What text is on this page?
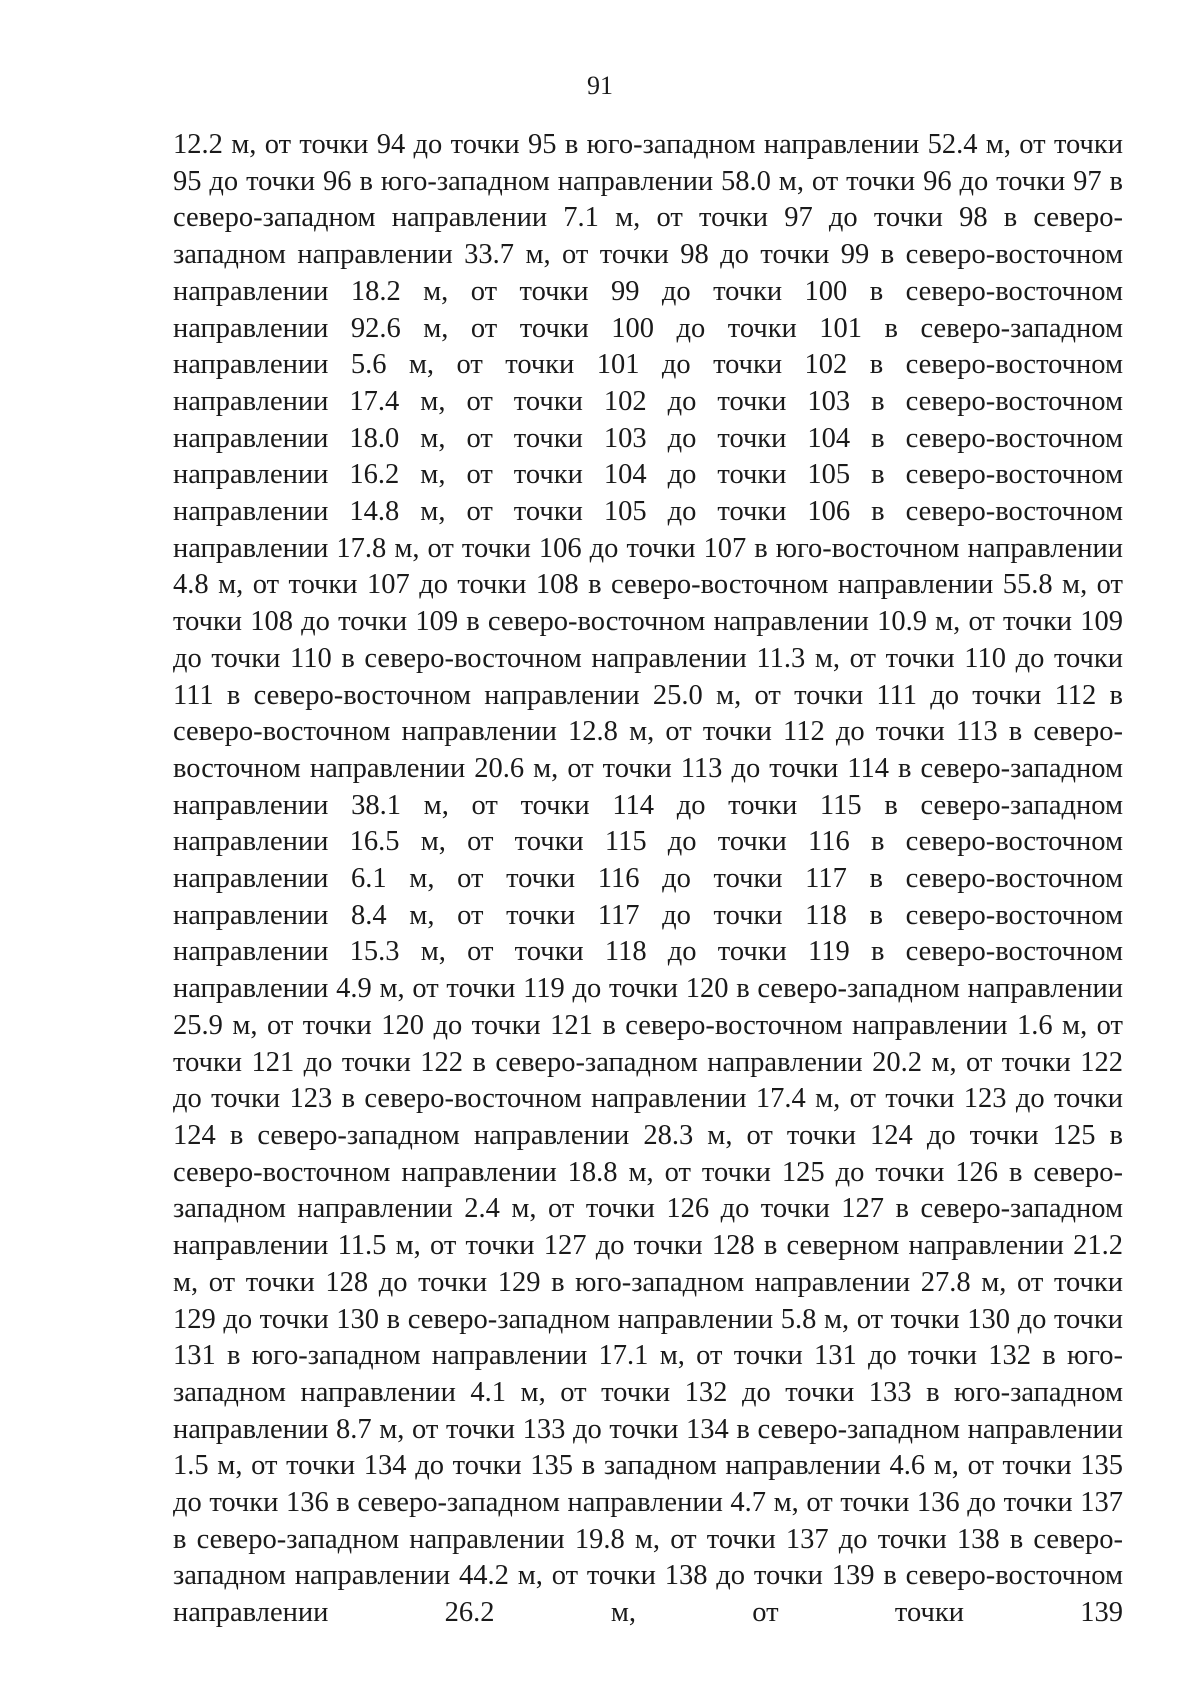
91

12.2 м, от точки 94 до точки 95 в юго-западном направлении 52.4 м, от точки 95 до точки 96 в юго-западном направлении 58.0 м, от точки 96 до точки 97 в северо-западном направлении 7.1 м, от точки 97 до точки 98 в северо-западном направлении 33.7 м, от точки 98 до точки 99 в северо-восточном направлении 18.2 м, от точки 99 до точки 100 в северо-восточном направлении 92.6 м, от точки 100 до точки 101 в северо-западном направлении 5.6 м, от точки 101 до точки 102 в северо-восточном направлении 17.4 м, от точки 102 до точки 103 в северо-восточном направлении 18.0 м, от точки 103 до точки 104 в северо-восточном направлении 16.2 м, от точки 104 до точки 105 в северо-восточном направлении 14.8 м, от точки 105 до точки 106 в северо-восточном направлении 17.8 м, от точки 106 до точки 107 в юго-восточном направлении 4.8 м, от точки 107 до точки 108 в северо-восточном направлении 55.8 м, от точки 108 до точки 109 в северо-восточном направлении 10.9 м, от точки 109 до точки 110 в северо-восточном направлении 11.3 м, от точки 110 до точки 111 в северо-восточном направлении 25.0 м, от точки 111 до точки 112 в северо-восточном направлении 12.8 м, от точки 112 до точки 113 в северо-восточном направлении 20.6 м, от точки 113 до точки 114 в северо-западном направлении 38.1 м, от точки 114 до точки 115 в северо-западном направлении 16.5 м, от точки 115 до точки 116 в северо-восточном направлении 6.1 м, от точки 116 до точки 117 в северо-восточном направлении 8.4 м, от точки 117 до точки 118 в северо-восточном направлении 15.3 м, от точки 118 до точки 119 в северо-восточном направлении 4.9 м, от точки 119 до точки 120 в северо-западном направлении 25.9 м, от точки 120 до точки 121 в северо-восточном направлении 1.6 м, от точки 121 до точки 122 в северо-западном направлении 20.2 м, от точки 122 до точки 123 в северо-восточном направлении 17.4 м, от точки 123 до точки 124 в северо-западном направлении 28.3 м, от точки 124 до точки 125 в северо-восточном направлении 18.8 м, от точки 125 до точки 126 в северо-западном направлении 2.4 м, от точки 126 до точки 127 в северо-западном направлении 11.5 м, от точки 127 до точки 128 в северном направлении 21.2 м, от точки 128 до точки 129 в юго-западном направлении 27.8 м, от точки 129 до точки 130 в северо-западном направлении 5.8 м, от точки 130 до точки 131 в юго-западном направлении 17.1 м, от точки 131 до точки 132 в юго-западном направлении 4.1 м, от точки 132 до точки 133 в юго-западном направлении 8.7 м, от точки 133 до точки 134 в северо-западном направлении 1.5 м, от точки 134 до точки 135 в западном направлении 4.6 м, от точки 135 до точки 136 в северо-западном направлении 4.7 м, от точки 136 до точки 137 в северо-западном направлении 19.8 м, от точки 137 до точки 138 в северо-западном направлении 44.2 м, от точки 138 до точки 139 в северо-восточном направлении 26.2 м, от точки 139
